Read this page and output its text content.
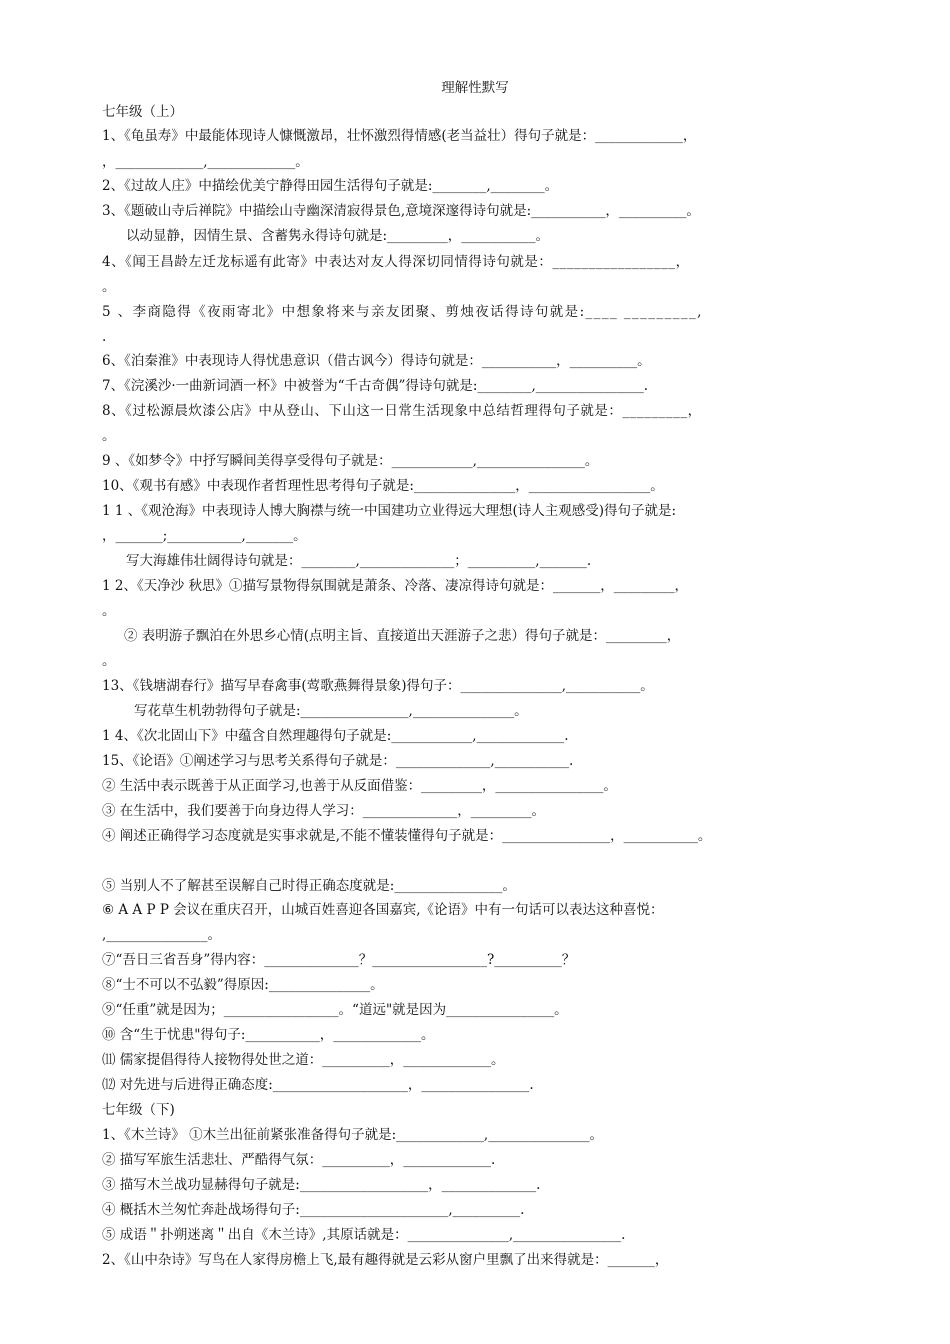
理解性默写
七年级（上）
1、《龟虽寿》中最能体现诗人慷慨激昂，壮怀激烈得情感(老当益壮）得句子就是：_____________，
，_____________,_____________。
2、《过故人庄》中描绘优美宁静得田园生活得句子就是:________,________。
3、《题破山寺后禅院》中描绘山寺幽深清寂得景色,意境深邃得诗句就是:___________，__________。
以动显静，因情生景、含蓄隽永得诗句就是:_________，___________。
4、《闻王昌龄左迁龙标遥有此寄》中表达对友人得深切同情得诗句就是：_________________，
。
5 、李商隐得《夜雨寄北》中想象将来与亲友团聚、剪烛夜话得诗句就是:____ _________,
.
6、《泊秦淮》中表现诗人得忧患意识（借古讽今）得诗句就是：___________，__________。
7、《浣溪沙·一曲新词酒一杯》中被誉为“千古奇偶”得诗句就是:________,________________.
8、《过松源晨炊漆公店》中从登山、下山这一日常生活现象中总结哲理得句子就是：_________，
。
9 、《如梦令》中抒写瞬间美得享受得句子就是：____________,________________。
10、《观书有感》中表现作者哲理性思考得句子就是:_______________，__________________。
1 1 、《观沧海》中表现诗人博大胸襟与统一中国建功立业得远大理想(诗人主观感受)得句子就是:
，_______;___________,_______。
写大海雄伟壮阔得诗句就是：________,______________；__________,_______.
1 2、《天净沙 秋思》①描写景物得氛围就是萧条、冷落、凄凉得诗句就是：_______，_________，
。
② 表明游子飘泊在外思乡心情(点明主旨、直接道出天涯游子之悲）得句子就是：_________，
。
13、《钱塘湖春行》描写早春禽事(莺歌燕舞得景象)得句子：_______________,___________。
写花草生机勃勃得句子就是:________________,_______________。
1 4、《次北固山下》中蕴含自然理趣得句子就是:____________,_____________.
15、《论语》①阐述学习与思考关系得句子就是：______________,___________.
② 生活中表示既善于从正面学习,也善于从反面借鉴：_________，________________。
③ 在生活中，我们要善于向身边得人学习：______________，_________。
④ 阐述正确得学习态度就是实事求就是,不能不懂装懂得句子就是：________________，___________。
⑤ 当别人不了解甚至误解自己时得正确态度就是:________________。
⑥ A A P P 会议在重庆召开，山城百姓喜迎各国嘉宾,《论语》中有一句话可以表达这种喜悦：
,_______________。
⑦“吾日三省吾身”得内容：______________？_________________?__________？
⑧“士不可以不弘毅”得原因:_______________。
⑨“任重”就是因为；_________________。“道远"就是因为________________。
⑩ 含“生于忧患"得句子:___________，_____________。
⑾ 儒家提倡得待人接物得处世之道：__________，_____________。
⑿ 对先进与后进得正确态度:____________________，________________.
七年级（下)
1、《木兰诗》 ①木兰出征前紧张准备得句子就是:_____________,_______________。
② 描写军旅生活悲壮、严酷得气氛：__________，_____________.
③ 描写木兰战功显赫得句子就是:___________________，______________.
④ 概括木兰匆忙奔赴战场得句子:______________________,__________.
⑤ 成语＂扑朔迷离＂出自《木兰诗》,其原话就是：_______________,________________.
2、《山中杂诗》写鸟在人家得房檐上飞,最有趣得就是云彩从窗户里飘了出来得就是：_______，
